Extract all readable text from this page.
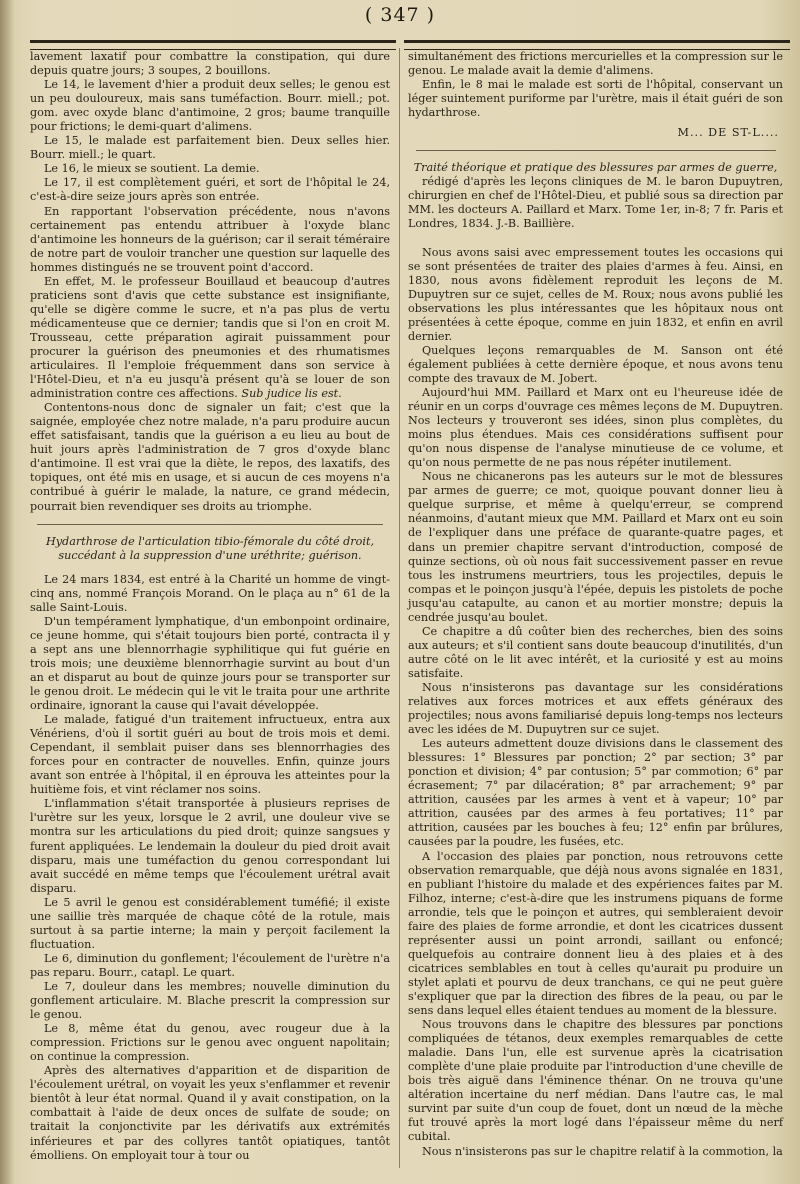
( 347 )

lavement laxatif pour combattre la constipation, qui dure depuis quatre jours; 3 soupes, 2 bouillons.

Le 14, le lavement d'hier a produit deux selles; le genou est un peu douloureux, mais sans tuméfaction. Bourr. miell.; pot. gom. avec oxyde blanc d'antimoine, 2 gros; baume tranquille pour frictions; le demi-quart d'alimens.

Le 15, le malade est parfaitement bien. Deux selles hier. Bourr. miell.; le quart.

Le 16, le mieux se soutient. La demie.

Le 17, il est complètement guéri, et sort de l'hôpital le 24, c'est-à-dire seize jours après son entrée.

En rapportant l'observation précédente, nous n'avons certainement pas entendu attribuer à l'oxyde blanc d'antimoine les honneurs de la guérison; car il serait téméraire de notre part de vouloir trancher une question sur laquelle des hommes distingués ne se trouvent point d'accord.

En effet, M. le professeur Bouillaud et beaucoup d'autres praticiens sont d'avis que cette substance est insignifiante, qu'elle se digère comme le sucre, et n'a pas plus de vertu médicamenteuse que ce dernier; tandis que si l'on en croit M. Trousseau, cette préparation agirait puissamment pour procurer la guérison des pneumonies et des rhumatismes articulaires. Il l'emploie fréquemment dans son service à l'Hôtel-Dieu, et n'a eu jusqu'à présent qu'à se louer de son administration contre ces affections. Sub judice lis est.

Contentons-nous donc de signaler un fait; c'est que la saignée, employée chez notre malade, n'a paru produire aucun effet satisfaisant, tandis que la guérison a eu lieu au bout de huit jours après l'administration de 7 gros d'oxyde blanc d'antimoine. Il est vrai que la diète, le repos, des laxatifs, des topiques, ont été mis en usage, et si aucun de ces moyens n'a contribué à guérir le malade, la nature, ce grand médecin, pourrait bien revendiquer ses droits au triomphe.

Hydarthrose de l'articulation tibio-fémorale du côté droit, succédant à la suppression d'une uréthrite; guérison.

Le 24 mars 1834, est entré à la Charité un homme de vingt-cinq ans, nommé François Morand. On le plaça au n° 61 de la salle Saint-Louis.

D'un tempérament lymphatique, d'un embonpoint ordinaire, ce jeune homme, qui s'était toujours bien porté, contracta il y a sept ans une blennorrhagie syphilitique qui fut guérie en trois mois; une deuxième blennorrhagie survint au bout d'un an et disparut au bout de quinze jours pour se transporter sur le genou droit. Le médecin qui le vit le traita pour une arthrite ordinaire, ignorant la cause qui l'avait développée.

Le malade, fatigué d'un traitement infructueux, entra aux Vénériens, d'où il sortit guéri au bout de trois mois et demi. Cependant, il semblait puiser dans ses blennorrhagies des forces pour en contracter de nouvelles. Enfin, quinze jours avant son entrée à l'hôpital, il en éprouva les atteintes pour la huitième fois, et vint réclamer nos soins.

L'inflammation s'était transportée à plusieurs reprises de l'urètre sur les yeux, lorsque le 2 avril, une douleur vive se montra sur les articulations du pied droit; quinze sangsues y furent appliquées. Le lendemain la douleur du pied droit avait disparu, mais une tuméfaction du genou correspondant lui avait succédé en même temps que l'écoulement urétral avait disparu.

Le 5 avril le genou est considérablement tuméfié; il existe une saillie très marquée de chaque côté de la rotule, mais surtout à sa partie interne; la main y perçoit facilement la fluctuation.

Le 6, diminution du gonflement; l'écoulement de l'urètre n'a pas reparu. Bourr., catapl. Le quart.

Le 7, douleur dans les membres; nouvelle diminution du gonflement articulaire. M. Blache prescrit la compression sur le genou.

Le 8, même état du genou, avec rougeur due à la compression. Frictions sur le genou avec onguent napolitain; on continue la compression.

Après des alternatives d'apparition et de disparition de l'écoulement urétral, on voyait les yeux s'enflammer et revenir bientôt à leur état normal. Quand il y avait constipation, on la combattait à l'aide de deux onces de sulfate de soude; on traitait la conjonctivite par les dérivatifs aux extrémités inférieures et par des collyres tantôt opiatiques, tantôt émolliens. On employait tour à tour ou

simultanément des frictions mercurielles et la compression sur le genou. Le malade avait la demie d'alimens.

Enfin, le 8 mai le malade est sorti de l'hôpital, conservant un léger suintement puriforme par l'urètre, mais il était guéri de son hydarthrose.

M... DE ST-L....

Traité théorique et pratique des blessures par armes de guerre,

rédigé d'après les leçons cliniques de M. le baron Dupuytren, chirurgien en chef de l'Hôtel-Dieu, et publié sous sa direction par MM. les docteurs A. Paillard et Marx. Tome 1er, in-8; 7 fr. Paris et Londres, 1834. J.-B. Baillière.

Nous avons saisi avec empressement toutes les occasions qui se sont présentées de traiter des plaies d'armes à feu. Ainsi, en 1830, nous avons fidèlement reproduit les leçons de M. Dupuytren sur ce sujet, celles de M. Roux; nous avons publié les observations les plus intéressantes que les hôpitaux nous ont présentées à cette époque, comme en juin 1832, et enfin en avril dernier.

Quelques leçons remarquables de M. Sanson ont été également publiées à cette dernière époque, et nous avons tenu compte des travaux de M. Jobert.

Aujourd'hui MM. Paillard et Marx ont eu l'heureuse idée de réunir en un corps d'ouvrage ces mêmes leçons de M. Dupuytren. Nos lecteurs y trouveront ses idées, sinon plus complètes, du moins plus étendues. Mais ces considérations suffisent pour qu'on nous dispense de l'analyse minutieuse de ce volume, et qu'on nous permette de ne pas nous répéter inutilement.

Nous ne chicanerons pas les auteurs sur le mot de blessures par armes de guerre; ce mot, quoique pouvant donner lieu à quelque surprise, et même à quelqu'erreur, se comprend néanmoins, d'autant mieux que MM. Paillard et Marx ont eu soin de l'expliquer dans une préface de quarante-quatre pages, et dans un premier chapitre servant d'introduction, composé de quinze sections, où où nous fait successivement passer en revue tous les instrumens meurtriers, tous les projectiles, depuis le compas et le poinçon jusqu'à l'épée, depuis les pistolets de poche jusqu'au catapulte, au canon et au mortier monstre; depuis la cendrée jusqu'au boulet.

Ce chapitre a dû coûter bien des recherches, bien des soins aux auteurs; et s'il contient sans doute beaucoup d'inutilités, d'un autre côté on le lit avec intérêt, et la curiosité y est au moins satisfaite.

Nous n'insisterons pas davantage sur les considérations relatives aux forces motrices et aux effets généraux des projectiles; nous avons familiarisé depuis long-temps nos lecteurs avec les idées de M. Dupuytren sur ce sujet.

Les auteurs admettent douze divisions dans le classement des blessures: 1° Blessures par ponction; 2° par section; 3° par ponction et division; 4° par contusion; 5° par commotion; 6° par écrasement; 7° par dilacération; 8° par arrachement; 9° par attrition, causées par les armes à vent et à vapeur; 10° par attrition, causées par des armes à feu portatives; 11° par attrition, causées par les bouches à feu; 12° enfin par brûlures, causées par la poudre, les fusées, etc.

A l'occasion des plaies par ponction, nous retrouvons cette observation remarquable, que déjà nous avons signalée en 1831, en publiant l'histoire du malade et des expériences faites par M. Filhoz, interne; c'est-à-dire que les instrumens piquans de forme arrondie, tels que le poinçon et autres, qui sembleraient devoir faire des plaies de forme arrondie, et dont les cicatrices dussent représenter aussi un point arrondi, saillant ou enfoncé; quelquefois au contraire donnent lieu à des plaies et à des cicatrices semblables en tout à celles qu'aurait pu produire un stylet aplati et pourvu de deux tranchans, ce qui ne peut guère s'expliquer que par la direction des fibres de la peau, ou par le sens dans lequel elles étaient tendues au moment de la blessure.

Nous trouvons dans le chapitre des blessures par ponctions compliquées de tétanos, deux exemples remarquables de cette maladie. Dans l'un, elle est survenue après la cicatrisation complète d'une plaie produite par l'introduction d'une cheville de bois très aiguë dans l'éminence thénar. On ne trouva qu'une altération incertaine du nerf médian. Dans l'autre cas, le mal survint par suite d'un coup de fouet, dont un nœud de la mèche fut trouvé après la mort logé dans l'épaisseur même du nerf cubital.

Nous n'insisterons pas sur le chapitre relatif à la commotion, la
